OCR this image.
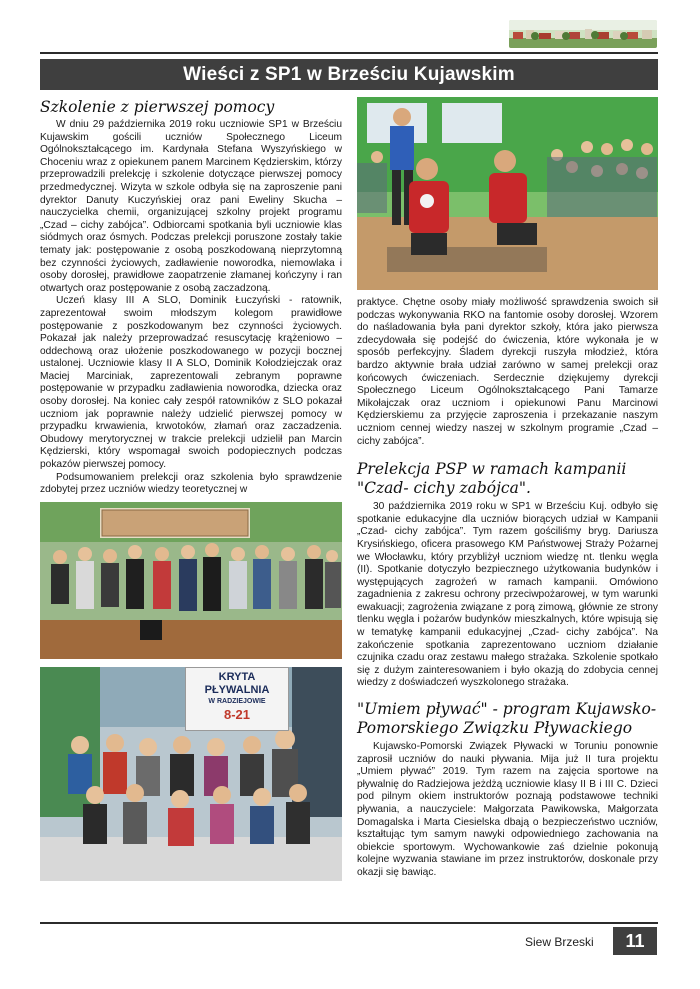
Wieści z SP1 w Brześciu Kujawskim
Szkolenie z pierwszej pomocy

W dniu 29 października 2019 roku uczniowie SP1 w Brześciu Kujawskim gościli uczniów Społecznego Liceum Ogólnokształcącego im. Kardynała Stefana Wyszyńskiego w Choceniu wraz z opiekunem panem Marcinem Kędzierskim, którzy przeprowadzili prelekcję i szkolenie dotyczące pierwszej pomocy przedmedycznej. Wizyta w szkole odbyła się na zaproszenie pani dyrektor Danuty Kuczyńskiej oraz pani Eweliny Skucha – nauczycielka chemii, organizującej szkolny projekt programu „Czad – cichy zabójca”. Odbiorcami spotkania byli uczniowie klas siódmych oraz ósmych. Podczas prelekcji poruszone zostały takie tematy jak: postępowanie z osobą poszkodowaną nieprzytomną bez czynności życiowych, zadławienie noworodka, niemowlaka i osoby dorosłej, prawidłowe zaopatrzenie złamanej kończyny i ran otwartych oraz postępowanie z osobą zaczadzoną.

Uczeń klasy III A SLO, Dominik Łuczyński - ratownik, zaprezentował swoim młodszym kolegom prawidłowe postępowanie z poszkodowanym bez czynności życiowych. Pokazał jak należy przeprowadzać resuscytację krążeniowo – oddechową oraz ułożenie poszkodowanego w pozycji bocznej ustalonej. Uczniowie klasy II A SLO, Dominik Kołodziejczak oraz Maciej Marciniak, zaprezentowali zebranym poprawne postępowanie w przypadku zadławienia noworodka, dziecka oraz osoby dorosłej. Na koniec cały zespół ratowników z SLO pokazał uczniom jak poprawnie należy udzielić pierwszej pomocy w przypadku krwawienia, krwotoków, złamań oraz zaczadzenia. Obudowy merytorycznej w trakcie prelekcji udzielił pan Marcin Kędzierski, który wspomagał swoich podopiecznych podczas pokazów pierwszej pomocy.

Podsumowaniem prelekcji oraz szkolenia było sprawdzenie zdobytej przez uczniów wiedzy teoretycznej w

KRYTA
PŁYWALNIA
W RADZIEJOWIE
8-21

praktyce. Chętne osoby miały możliwość sprawdzenia swoich sił podczas wykonywania RKO na fantomie osoby dorosłej. Wzorem do naśladowania była pani dyrektor szkoły, która jako pierwsza zdecydowała się podejść do ćwiczenia, które wykonała je w sposób perfekcyjny. Śladem dyrekcji ruszyła młodzież, która bardzo aktywnie brała udział zarówno w samej prelekcji oraz końcowych ćwiczeniach. Serdecznie dziękujemy dyrekcji Społecznego Liceum Ogólnokształcącego Pani Tamarze Mikołajczak oraz uczniom i opiekunowi Panu Marcinowi Kędzierskiemu za przyjęcie zaproszenia i przekazanie naszym uczniom cennej wiedzy naszej w szkolnym programie „Czad – cichy zabójca”.

Prelekcja PSP w ramach kampanii
"Czad- cichy zabójca".

30 października 2019 roku w SP1 w Brześciu Kuj. odbyło się spotkanie edukacyjne dla uczniów biorących udział w Kampanii „Czad- cichy zabójca”. Tym razem gościliśmy bryg. Dariusza Krysińskiego, oficera prasowego KM Państwowej Straży Pożarnej we Włocławku, który przybliżył uczniom wiedzę nt. tlenku węgla (II). Spotkanie dotyczyło bezpiecznego użytkowania budynków i występujących zagrożeń w ramach kampanii. Omówiono zagadnienia z zakresu ochrony przeciwpożarowej, w tym warunki ewakuacji; zagrożenia związane z porą zimową, głównie ze strony tlenku węgla i pożarów budynków mieszkalnych, które wpisują się w tematykę kampanii edukacyjnej „Czad- cichy zabójca”. Na zakończenie spotkania zaprezentowano uczniom działanie czujnika czadu oraz zestawu małego strażaka. Szkolenie spotkało się z dużym zainteresowaniem i było okazją do zdobycia cennej wiedzy z doświadczeń wyszkolonego strażaka.

"Umiem pływać" - program Kujawsko-
Pomorskiego Związku Pływackiego

Kujawsko-Pomorski Związek Pływacki w Toruniu ponownie zaprosił uczniów do nauki pływania. Mija już II tura projektu „Umiem pływać” 2019. Tym razem na zajęcia sportowe na pływalnię do Radziejowa jeżdżą uczniowie klasy II B i III C. Dzieci pod pilnym okiem instruktorów poznają podstawowe techniki pływania, a nauczyciele: Małgorzata Pawikowska, Małgorzata Domagalska i Marta Ciesielska dbają o bezpieczeństwo uczniów, kształtując tym samym nawyki odpowiedniego zachowania na obiekcie sportowym. Wychowankowie zaś dzielnie pokonują kolejne wyzwania stawiane im przez instruktorów, doskonale przy okazji się bawiąc.

Siew Brzeski	11
